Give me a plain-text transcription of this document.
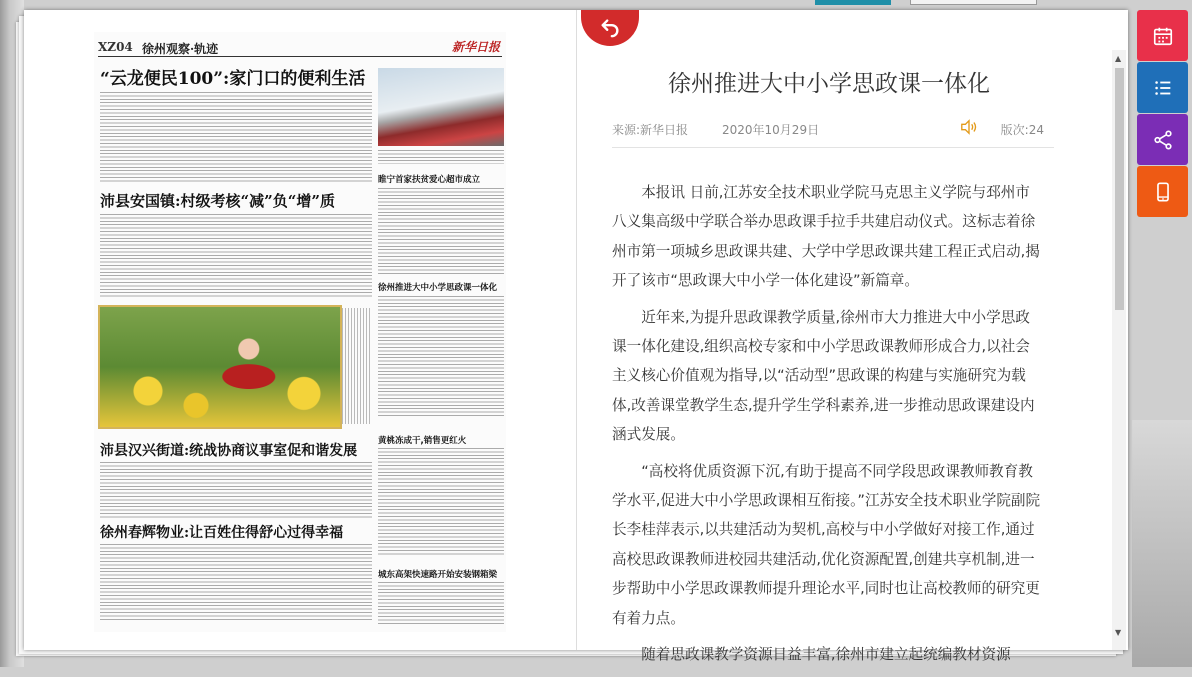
XZ04 徐州观察·轨迹	新华日报
“云龙便民100”:家门口的便利生活
睢宁首家扶贫爱心超市成立
沛县安国镇:村级考核“减”负“增”质
徐州推进大中小学思政课一体化
黄桃冻成干,销售更红火
沛县汉兴街道:统战协商议事室促和谐发展
徐州春辉物业:让百姓住得舒心过得幸福
城东高架快速路开始安装钢箱梁
徐州推进大中小学思政课一体化
来源:新华日报	2020年10月29日	版次:24

本报讯 日前,江苏安全技术职业学院马克思主义学院与邳州市八义集高级中学联合举办思政课手拉手共建启动仪式。这标志着徐州市第一项城乡思政课共建、大学中学思政课共建工程正式启动,揭开了该市“思政课大中小学一体化建设”新篇章。

近年来,为提升思政课教学质量,徐州市大力推进大中小学思政课一体化建设,组织高校专家和中小学思政课教师形成合力,以社会主义核心价值观为指导,以“活动型”思政课的构建与实施研究为载体,改善课堂教学生态,提升学生学科素养,进一步推动思政课建设内涵式发展。

“高校将优质资源下沉,有助于提高不同学段思政课教师教育教学水平,促进大中小学思政课相互衔接。”江苏安全技术职业学院副院长李桂萍表示,以共建活动为契机,高校与中小学做好对接工作,通过高校思政课教师进校园共建活动,优化资源配置,创建共享机制,进一步帮助中小学思政课教师提升理论水平,同时也让高校教师的研究更有着力点。

随着思政课教学资源日益丰富,徐州市建立起统编教材资源

▲
▼
